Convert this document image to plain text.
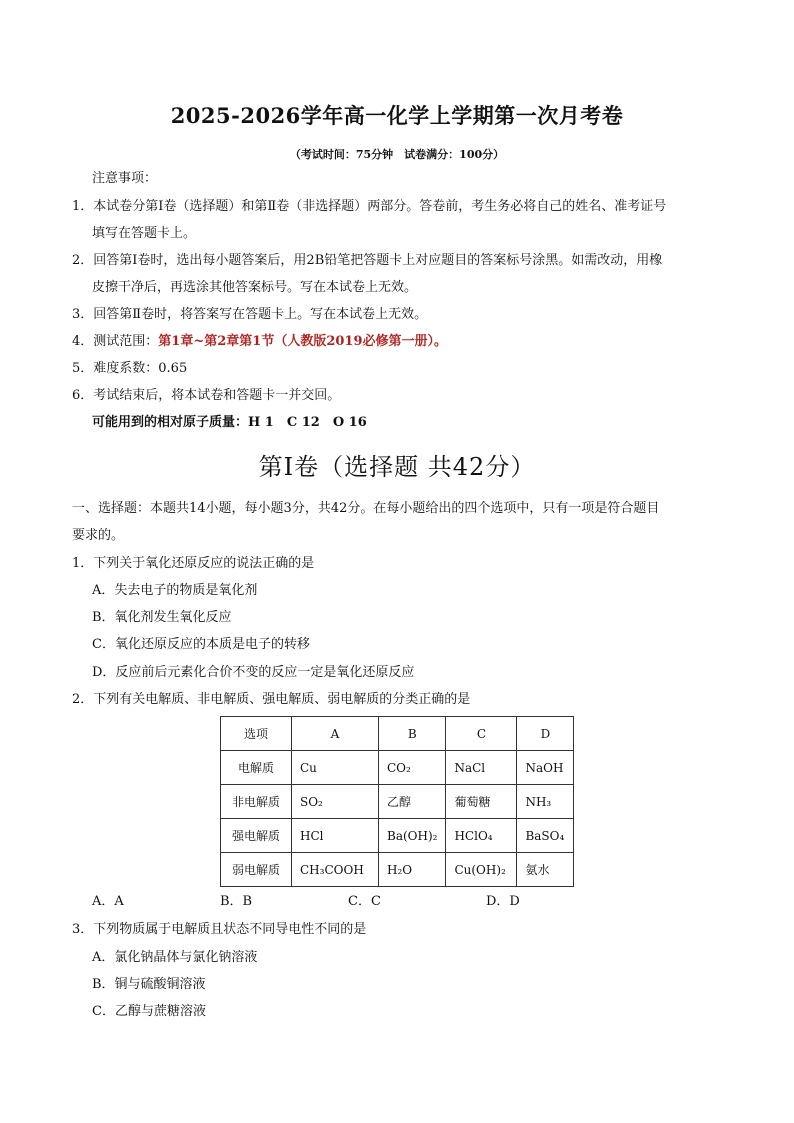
2025-2026学年高一化学上学期第一次月考卷
（考试时间：75分钟　试卷满分：100分）
注意事项：
1．本试卷分第Ⅰ卷（选择题）和第Ⅱ卷（非选择题）两部分。答卷前，考生务必将自己的姓名、准考证号
填写在答题卡上。
2．回答第Ⅰ卷时，选出每小题答案后，用2B铅笔把答题卡上对应题目的答案标号涂黑。如需改动，用橡
皮擦干净后，再选涂其他答案标号。写在本试卷上无效。
3．回答第Ⅱ卷时，将答案写在答题卡上。写在本试卷上无效。
4．测试范围：第1章~第2章第1节（人教版2019必修第一册）。
5．难度系数：0.65
6．考试结束后，将本试卷和答题卡一并交回。
可能用到的相对原子质量：H 1　C 12　O 16
第Ⅰ卷（选择题 共42分）
一、选择题：本题共14小题，每小题3分，共42分。在每小题给出的四个选项中，只有一项是符合题目
要求的。
1．下列关于氧化还原反应的说法正确的是
A．失去电子的物质是氧化剂
B．氧化剂发生氧化反应
C．氧化还原反应的本质是电子的转移
D．反应前后元素化合价不变的反应一定是氧化还原反应
2．下列有关电解质、非电解质、强电解质、弱电解质的分类正确的是
选项	A	B	C	D
电解质	Cu	CO₂	NaCl	NaOH
非电解质	SO₂	乙醇	葡萄糖	NH₃
强电解质	HCl	Ba(OH)₂	HClO₄	BaSO₄
弱电解质	CH₃COOH	H₂O	Cu(OH)₂	氨水
A．A	B．B	C．C	D．D
3．下列物质属于电解质且状态不同导电性不同的是
A．氯化钠晶体与氯化钠溶液
B．铜与硫酸铜溶液
C．乙醇与蔗糖溶液
